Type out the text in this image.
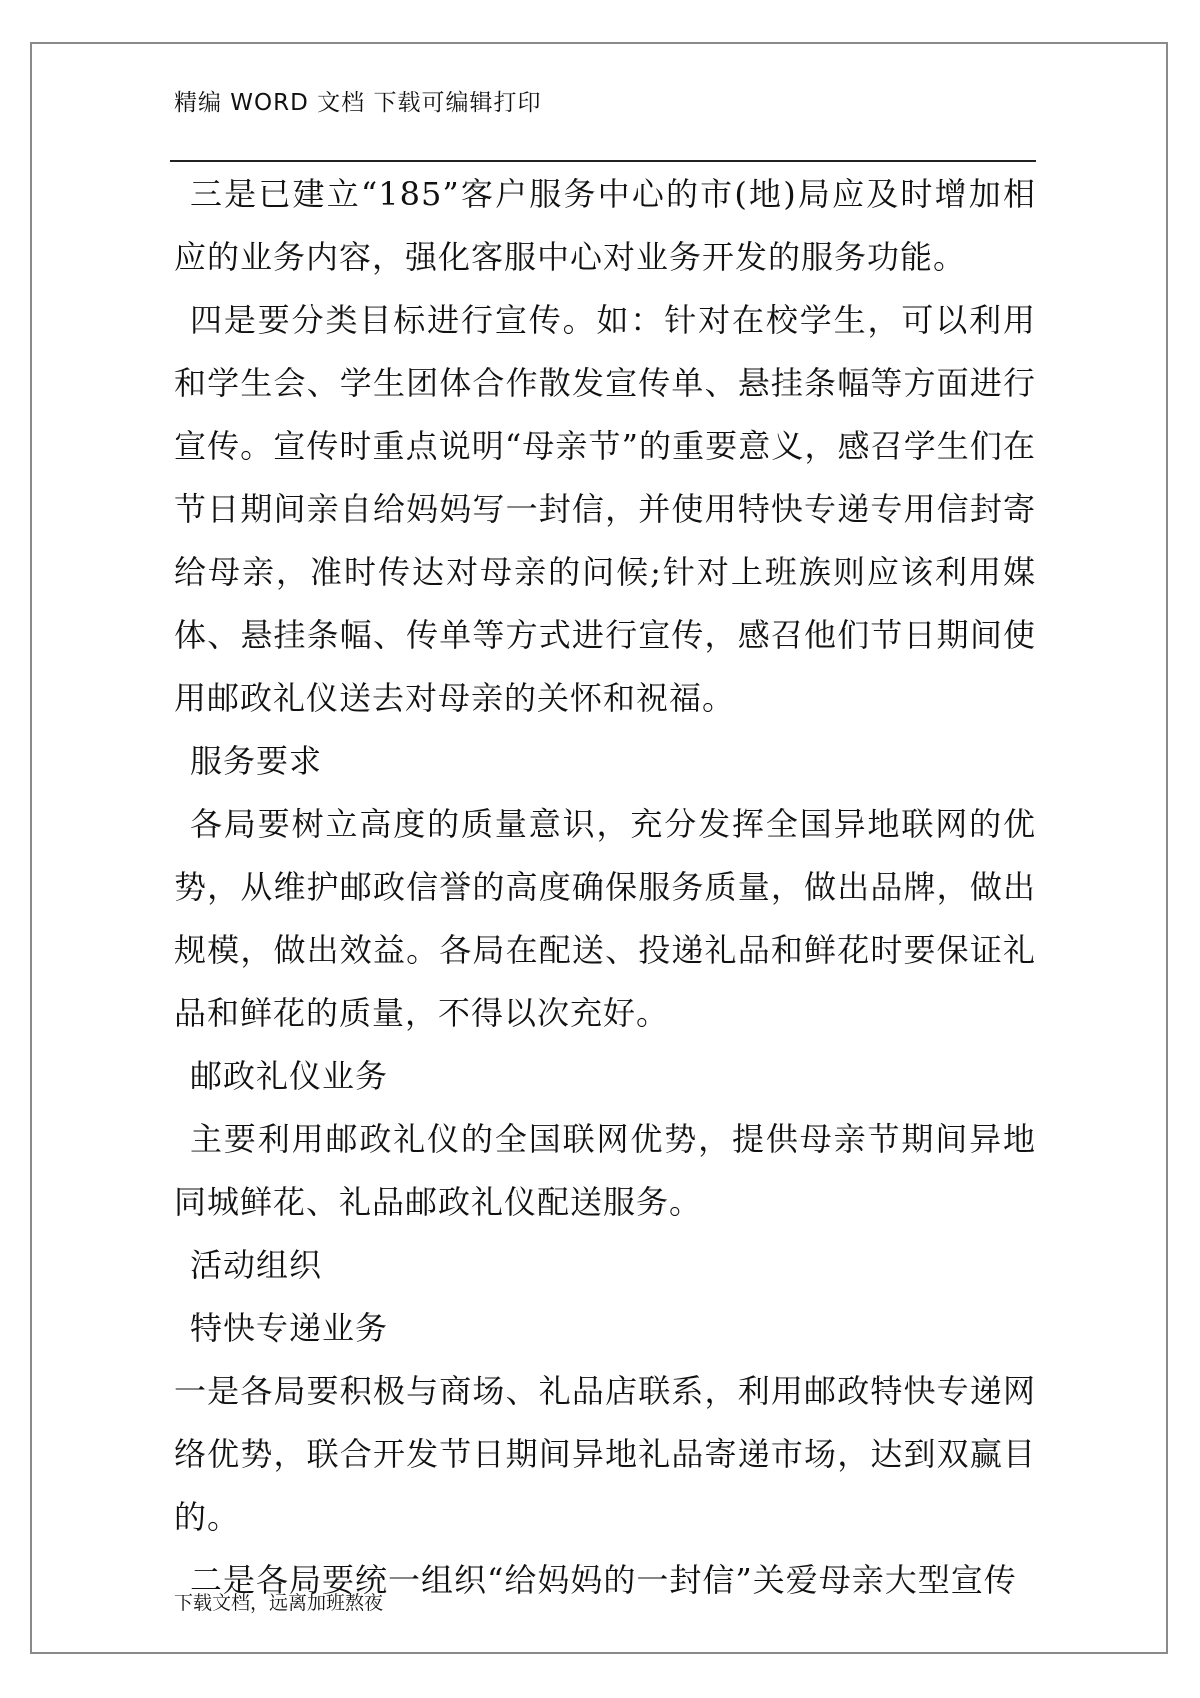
精编 WORD 文档 下载可编辑打印

三是已建立“185”客户服务中心的市(地)局应及时增加相应的业务内容，强化客服中心对业务开发的服务功能。

四是要分类目标进行宣传。如：针对在校学生，可以利用和学生会、学生团体合作散发宣传单、悬挂条幅等方面进行宣传。宣传时重点说明“母亲节”的重要意义，感召学生们在节日期间亲自给妈妈写一封信，并使用特快专递专用信封寄给母亲，准时传达对母亲的问候;针对上班族则应该利用媒体、悬挂条幅、传单等方式进行宣传，感召他们节日期间使用邮政礼仪送去对母亲的关怀和祝福。

服务要求

各局要树立高度的质量意识，充分发挥全国异地联网的优势，从维护邮政信誉的高度确保服务质量，做出品牌，做出规模，做出效益。各局在配送、投递礼品和鲜花时要保证礼品和鲜花的质量，不得以次充好。

邮政礼仪业务

主要利用邮政礼仪的全国联网优势，提供母亲节期间异地同城鲜花、礼品邮政礼仪配送服务。

活动组织

特快专递业务

一是各局要积极与商场、礼品店联系，利用邮政特快专递网络优势，联合开发节日期间异地礼品寄递市场，达到双赢目的。

二是各局要统一组织“给妈妈的一封信”关爱母亲大型宣传

下载文档，远离加班熬夜
